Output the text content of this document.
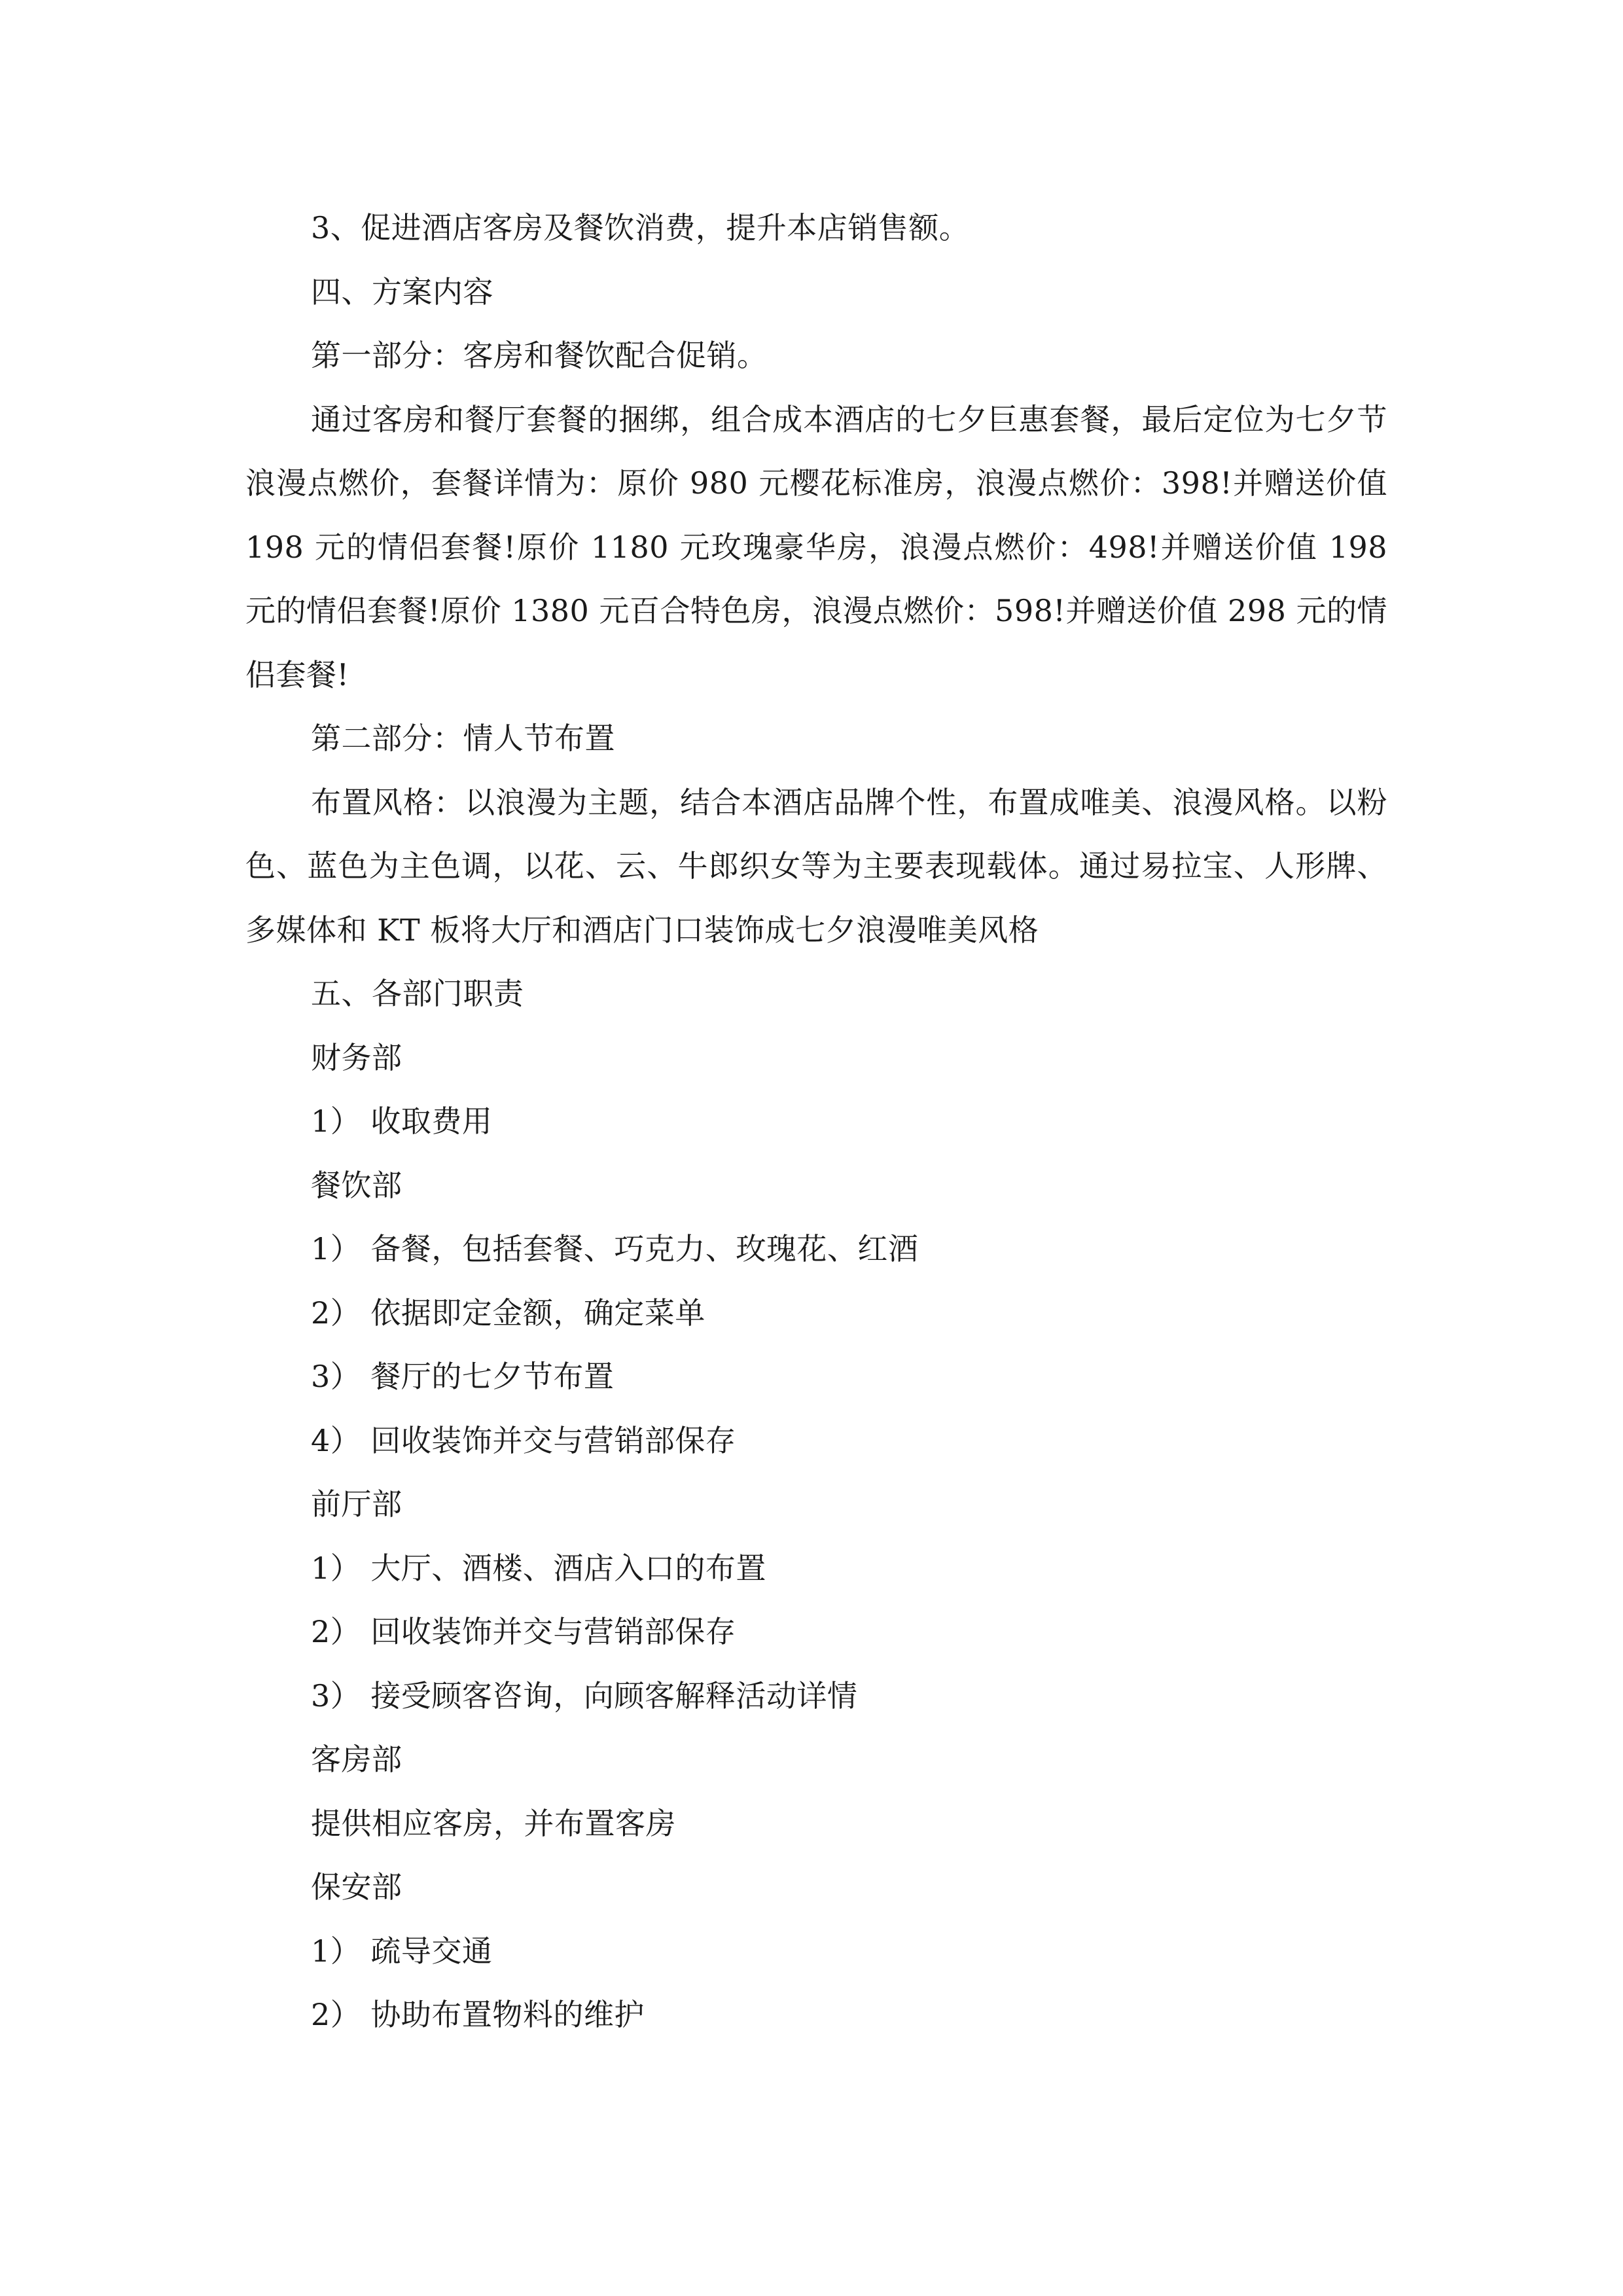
3、促进酒店客房及餐饮消费，提升本店销售额。

四、方案内容

第一部分：客房和餐饮配合促销。

通过客房和餐厅套餐的捆绑，组合成本酒店的七夕巨惠套餐，最后定位为七夕节浪漫点燃价，套餐详情为：原价 980 元樱花标准房，浪漫点燃价：398!并赠送价值 198 元的情侣套餐!原价 1180 元玫瑰豪华房，浪漫点燃价：498!并赠送价值 198 元的情侣套餐!原价 1380 元百合特色房，浪漫点燃价：598!并赠送价值 298 元的情侣套餐!

第二部分：情人节布置

布置风格：以浪漫为主题，结合本酒店品牌个性，布置成唯美、浪漫风格。以粉色、蓝色为主色调，以花、云、牛郎织女等为主要表现载体。通过易拉宝、人形牌、多媒体和 KT 板将大厅和酒店门口装饰成七夕浪漫唯美风格

五、各部门职责

财务部

1） 收取费用

餐饮部

1） 备餐，包括套餐、巧克力、玫瑰花、红酒

2） 依据即定金额，确定菜单

3） 餐厅的七夕节布置

4） 回收装饰并交与营销部保存

前厅部

1） 大厅、酒楼、酒店入口的布置

2） 回收装饰并交与营销部保存

3） 接受顾客咨询，向顾客解释活动详情

客房部

提供相应客房，并布置客房

保安部

1） 疏导交通

2） 协助布置物料的维护
